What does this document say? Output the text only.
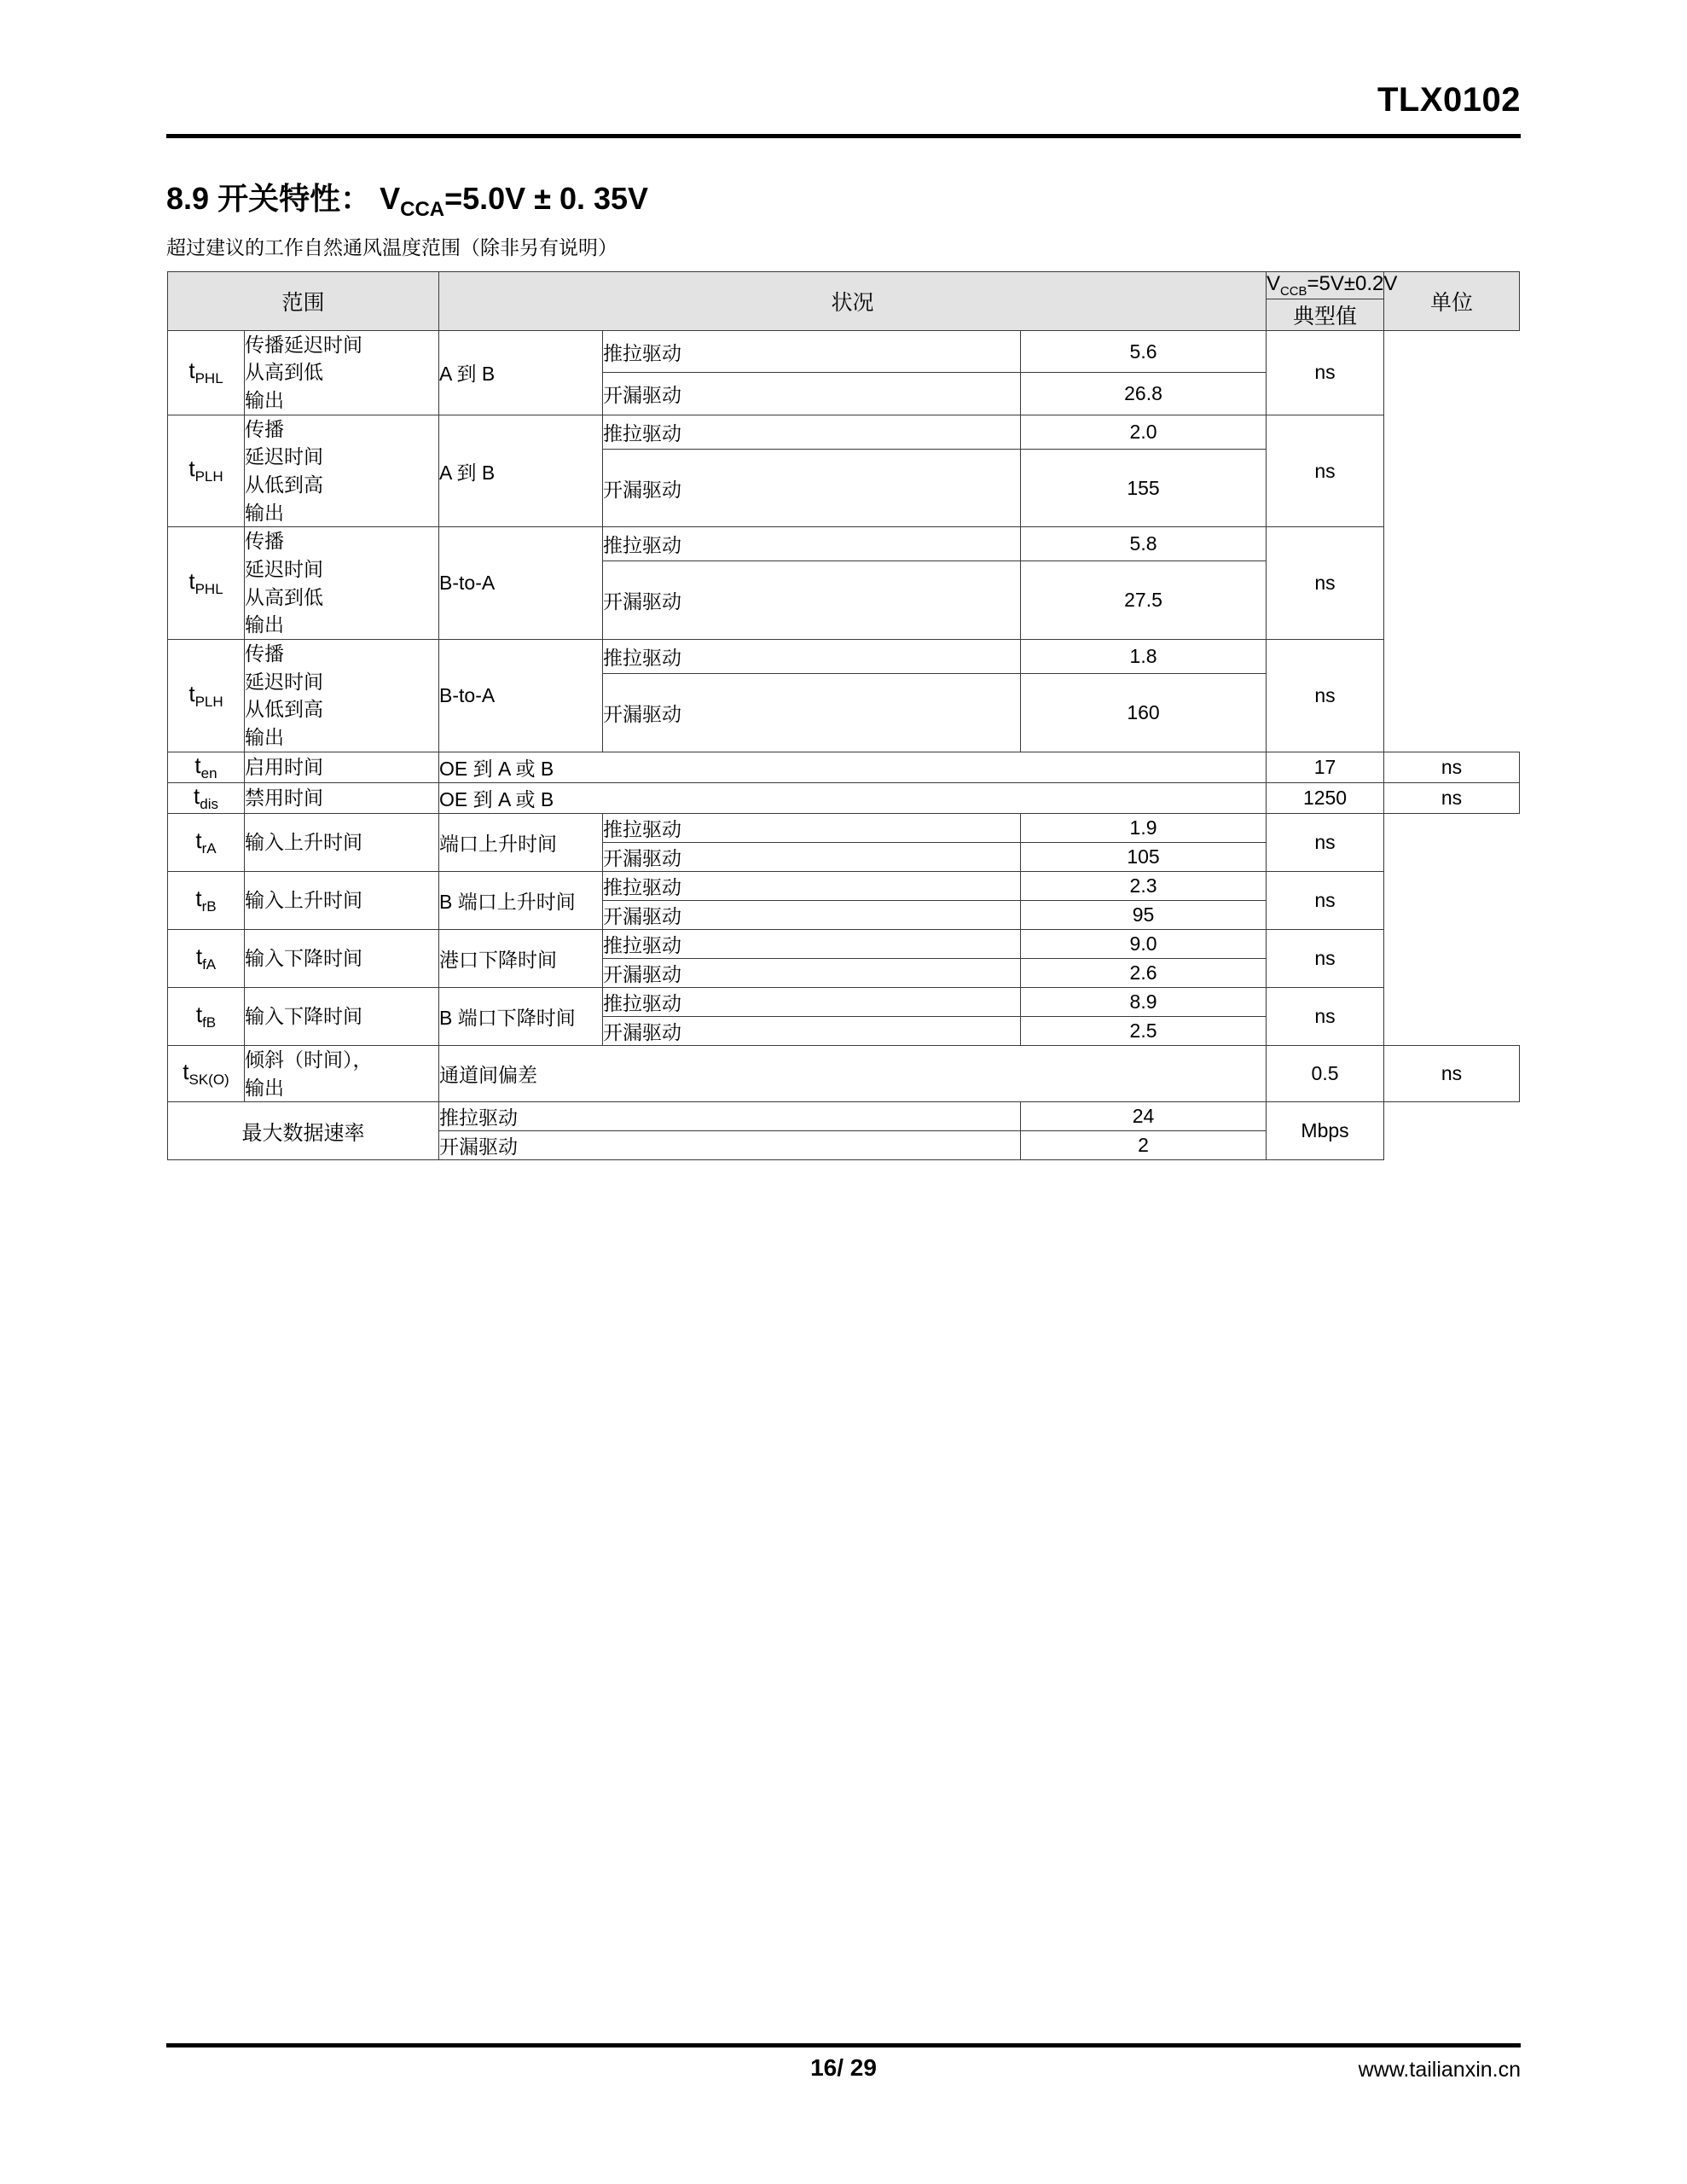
TLX0102
8.9 开关特性： $V_{CCA}=5.0V \pm 0$. 35V
超过建议的工作自然通风温度范围（除非另有说明）
范围		状况			$V_{CCB}=5V\pm 0.2V$	单位
					典型值	
$t_{PHL}$	传播延迟时间
从高到低
输出	A 到 B	推拉驱动	5.6	ns	
			开漏驱动	26.8		
$t_{PLH}$	传播
延迟时间
从低到高
输出	A 到 B	推拉驱动	2.0	ns	
			开漏驱动	155		
$t_{PHL}$	传播
延迟时间
从高到低
输出	B-to-A	推拉驱动	5.8	ns	
			开漏驱动	27.5		
$t_{PLH}$	传播
延迟时间
从低到高
输出	B-to-A	推拉驱动	1.8	ns	
			开漏驱动	160		
$t_{en}$	启用时间	OE 到 A 或 B			17	ns
$t_{dis}$	禁用时间	OE 到 A 或 B			1250	ns
$t_{rA}$	输入上升时间	端口上升时间	推拉驱动	1.9	ns	
			开漏驱动	105		
$t_{rB}$	输入上升时间	B 端口上升时间	推拉驱动	2.3	ns	
			开漏驱动	95		
$t_{fA}$	输入下降时间	港口下降时间	推拉驱动	9.0	ns	
			开漏驱动	2.6		
$t_{fB}$	输入下降时间	B 端口下降时间	推拉驱动	8.9	ns	
			开漏驱动	2.5		
$t_{SK(O)}$	倾斜（时间），
输出	通道间偏差			0.5	ns
最大数据速率		推拉驱动		24	Mbps	
		开漏驱动		2		
16/ 29	www.tailianxin.cn
